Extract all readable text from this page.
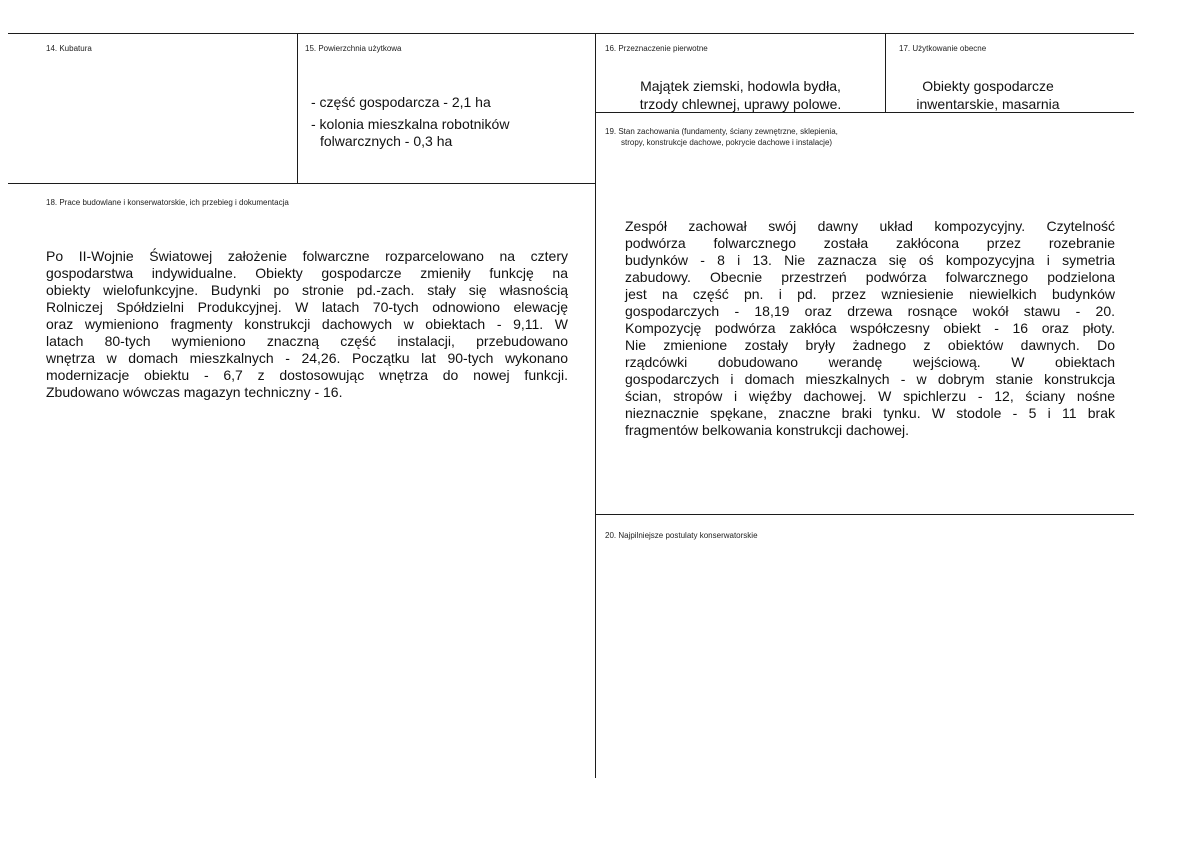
14. Kubatura	15. Powierzchnia użytkowa
- część gospodarcza - 2,1 ha
- kolonia mieszkalna robotników
folwarcznych - 0,3 ha
16. Przeznaczenie pierwotne
Majątek ziemski, hodowla bydła,
trzody chlewnej, uprawy polowe.
17. Użytkowanie obecne
Obiekty gospodarcze
inwentarskie, masarnia
19. Stan zachowania (fundamenty, ściany zewnętrzne, sklepienia,
stropy, konstrukcje dachowe, pokrycie dachowe i instalacje)
Zespół zachował swój dawny układ kompozycyjny. Czytelność
podwórza folwarcznego została zakłócona przez rozebranie
budynków - 8 i 13. Nie zaznacza się oś kompozycyjna i symetria
zabudowy. Obecnie przestrzeń podwórza folwarcznego podzielona
jest na część pn. i pd. przez wzniesienie niewielkich budynków
gospodarczych - 18,19 oraz drzewa rosnące wokół stawu - 20.
Kompozycję podwórza zakłóca współczesny obiekt - 16 oraz płoty.
Nie zmienione zostały bryły żadnego z obiektów dawnych. Do
rządcówki dobudowano werandę wejściową. W obiektach
gospodarczych i domach mieszkalnych - w dobrym stanie konstrukcja
ścian, stropów i więźby dachowej. W spichlerzu - 12, ściany nośne
nieznacznie spękane, znaczne braki tynku. W stodole - 5 i 11 brak
fragmentów belkowania konstrukcji dachowej.
18. Prace budowlane i konserwatorskie, ich przebieg i dokumentacja
Po II-Wojnie Światowej założenie folwarczne rozparcelowano na cztery
gospodarstwa indywidualne. Obiekty gospodarcze zmieniły funkcję na
obiekty wielofunkcyjne. Budynki po stronie pd.-zach. stały się własnością
Rolniczej Spółdzielni Produkcyjnej. W latach 70-tych odnowiono elewację
oraz wymieniono fragmenty konstrukcji dachowych w obiektach - 9,11. W
latach 80-tych wymieniono znaczną część instalacji, przebudowano
wnętrza w domach mieszkalnych - 24,26. Początku lat 90-tych wykonano
modernizacje obiektu - 6,7 z dostosowując wnętrza do nowej funkcji.
Zbudowano wówczas magazyn techniczny - 16.
20. Najpilniejsze postulaty konserwatorskie
